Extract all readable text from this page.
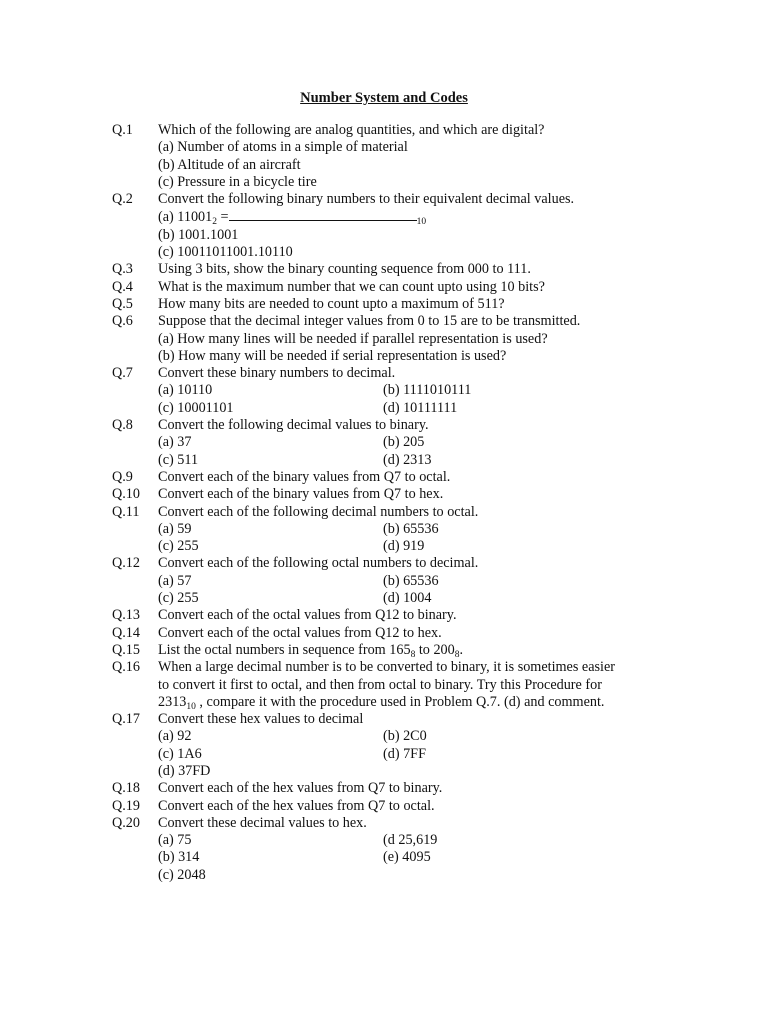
Number System and Codes
Q.1	Which of the following are analog quantities, and which are digital?
(a) Number of atoms in a simple of material
(b) Altitude of an aircraft
(c) Pressure in a bicycle tire
Q.2	Convert the following binary numbers to their equivalent decimal values.
(a) $11001_2$ =	$_{10}$
(b) 1001.1001
(c) 10011011001.10110
Q.3	Using 3 bits, show the binary counting sequence from 000 to 111.
Q.4	What is the maximum number that we can count upto using 10 bits?
Q.5	How many bits are needed to count upto a maximum of 511?
Q.6	Suppose that the decimal integer values from 0 to 15 are to be transmitted.
(a) How many lines will be needed if parallel representation is used?
(b) How many will be needed if serial representation is used?
Q.7	Convert these binary numbers to decimal.
(a) 10110	(b) 1111010111
(c) 10001101	(d) 10111111
Q.8	Convert the following decimal values to binary.
(a) 37	(b) 205
(c) 511	(d) 2313
Q.9	Convert each of the binary values from Q7 to octal.
Q.10	Convert each of the binary values from Q7 to hex.
Q.11	Convert each of the following decimal numbers to octal.
(a) 59	(b) 65536
(c) 255	(d) 919
Q.12	Convert each of the following octal numbers to decimal.
(a) 57	(b) 65536
(c) 255	(d) 1004
Q.13	Convert each of the octal values from Q12 to binary.
Q.14	Convert each of the octal values from Q12 to hex.
Q.15	List the octal numbers in sequence from $165_8$ to $200_8$.
Q.16	When a large decimal number is to be converted to binary, it is sometimes easier
to convert it first to octal, and then from octal to binary. Try this Procedure for
$2313_{10}$ , compare it with the procedure used in Problem Q.7. (d) and comment.
Q.17	Convert these hex values to decimal
(a) 92	(b) 2C0
(c) 1A6	(d) 7FF
(d) 37FD
Q.18	Convert each of the hex values from Q7 to binary.
Q.19	Convert each of the hex values from Q7 to octal.
Q.20	Convert these decimal values to hex.
(a) 75	(d 25,619
(b) 314	(e) 4095
(c) 2048
